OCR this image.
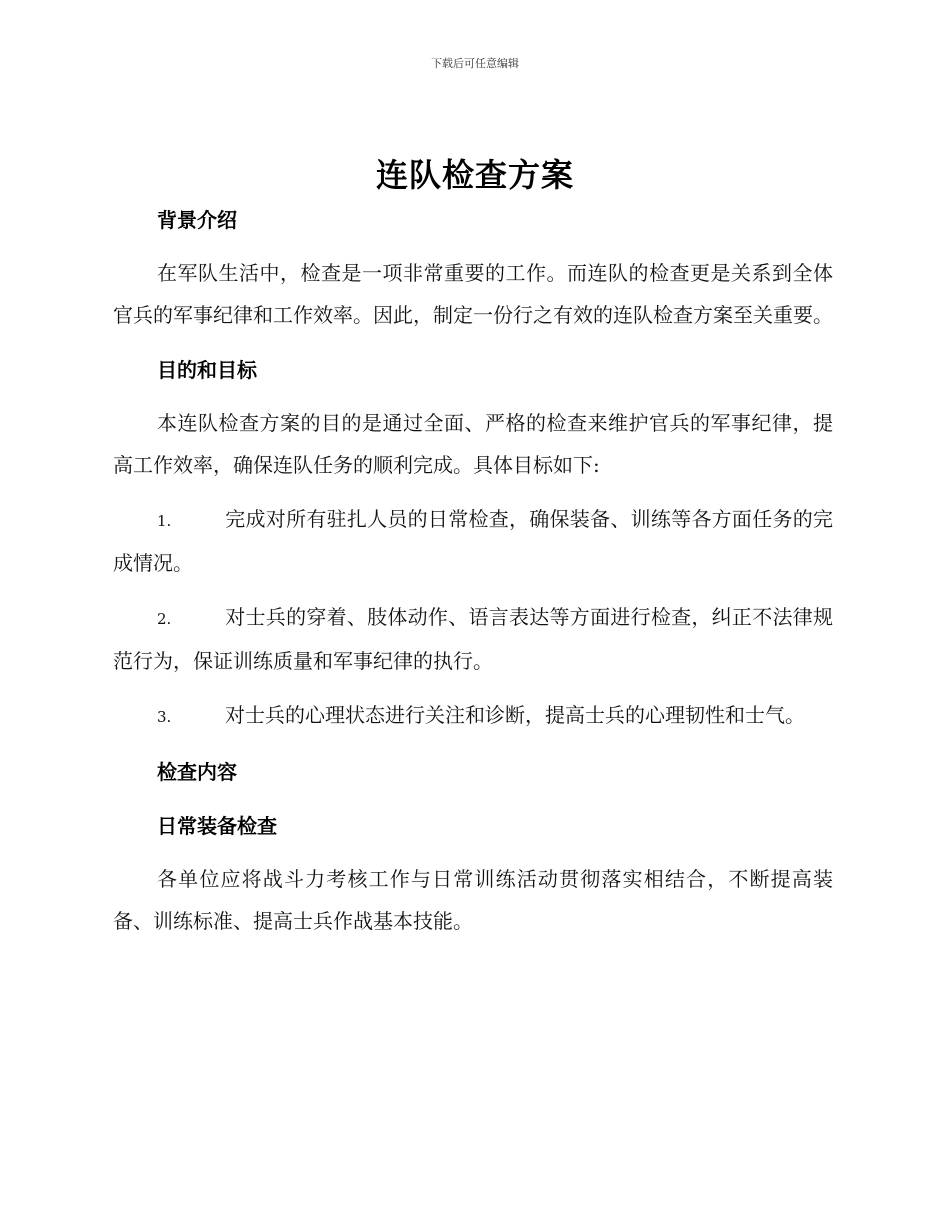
下载后可任意编辑
连队检查方案
背景介绍

在军队生活中，检查是一项非常重要的工作。而连队的检查更是关系到全体官兵的军事纪律和工作效率。因此，制定一份行之有效的连队检查方案至关重要。

目的和目标

本连队检查方案的目的是通过全面、严格的检查来维护官兵的军事纪律，提高工作效率，确保连队任务的顺利完成。具体目标如下:

1.	完成对所有驻扎人员的日常检查，确保装备、训练等各方面任务的完成情况。

2.	对士兵的穿着、肢体动作、语言表达等方面进行检查，纠正不法律规范行为，保证训练质量和军事纪律的执行。

3.	对士兵的心理状态进行关注和诊断，提高士兵的心理韧性和士气。

检查内容
日常装备检查

各单位应将战斗力考核工作与日常训练活动贯彻落实相结合，不断提高装备、训练标准、提高士兵作战基本技能。
